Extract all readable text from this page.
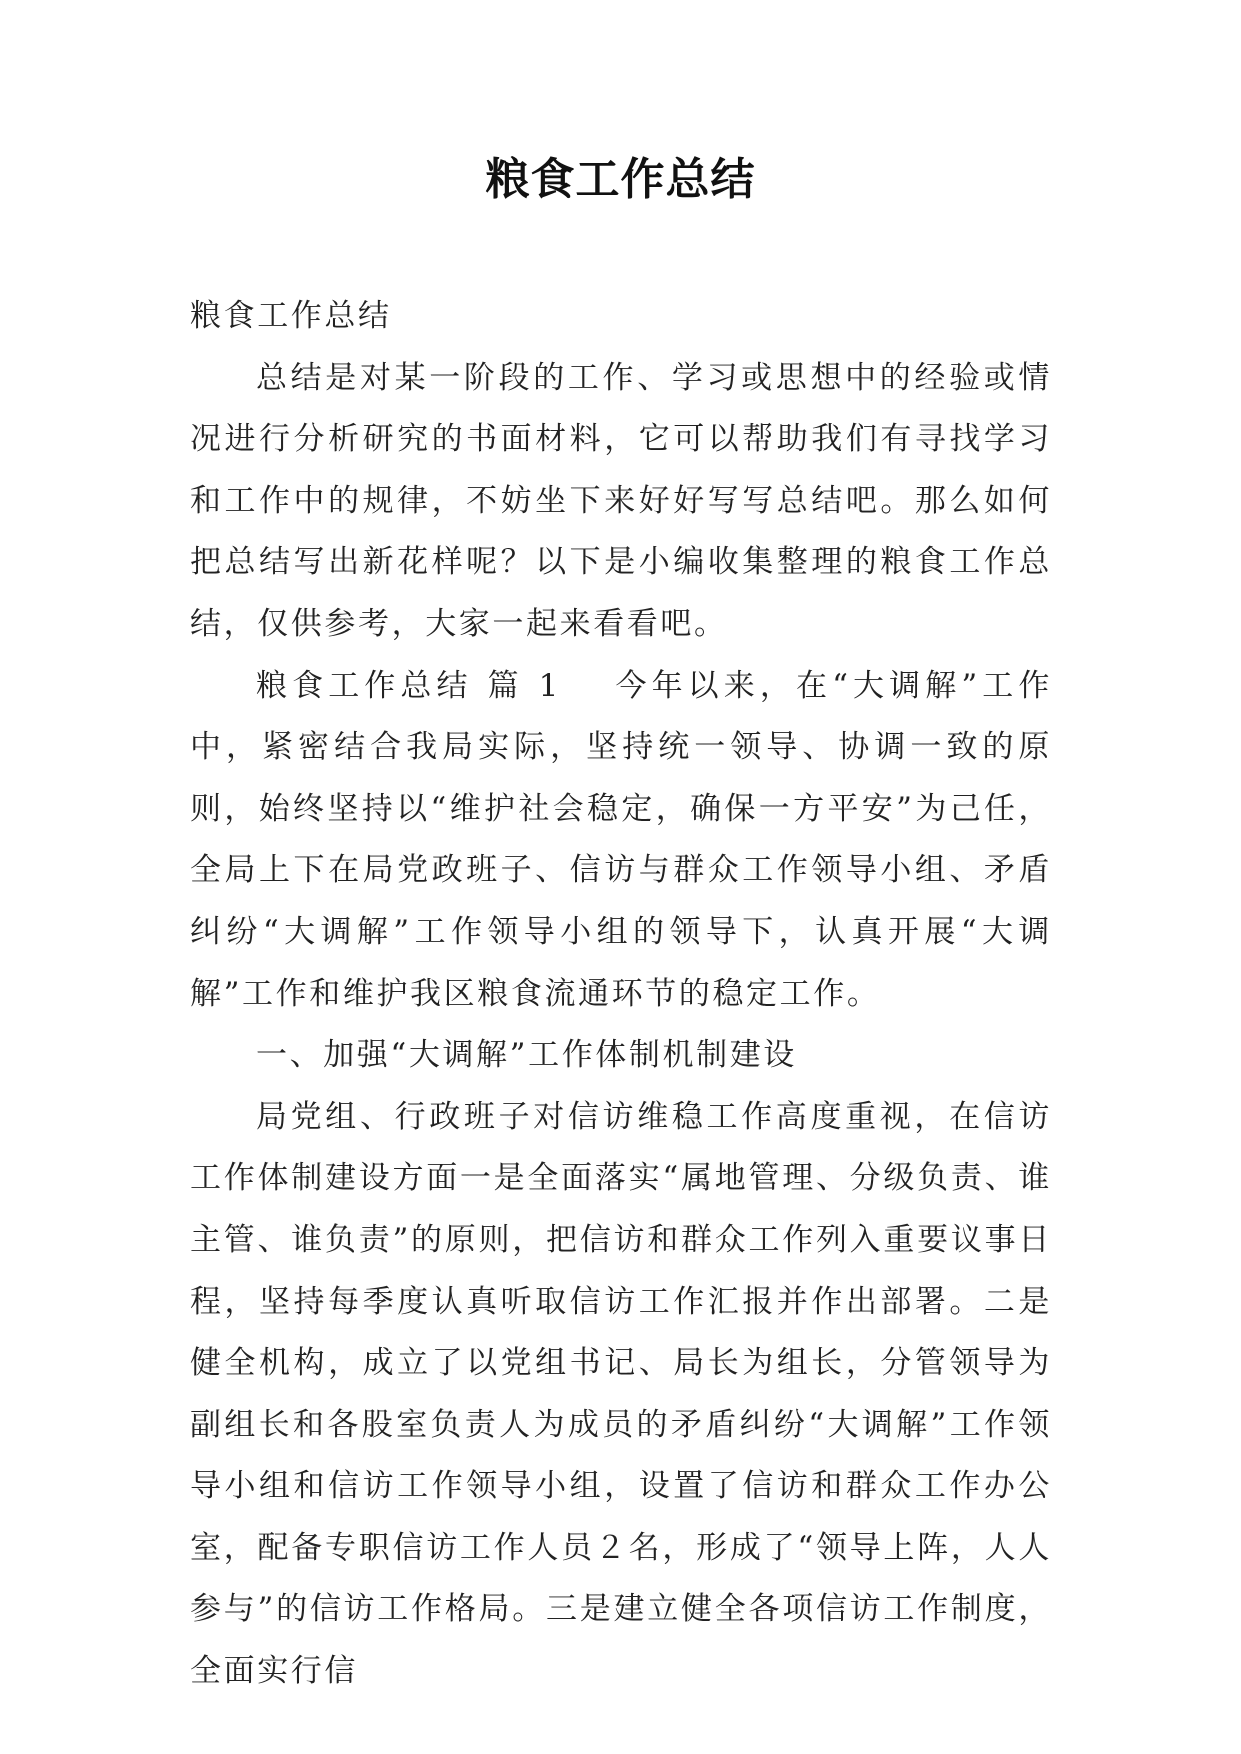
粮食工作总结

粮食工作总结

总结是对某一阶段的工作、学习或思想中的经验或情况进行分析研究的书面材料，它可以帮助我们有寻找学习和工作中的规律，不妨坐下来好好写写总结吧。那么如何把总结写出新花样呢？以下是小编收集整理的粮食工作总结，仅供参考，大家一起来看看吧。

粮食工作总结 篇 1 今年以来，在“大调解”工作中，紧密结合我局实际，坚持统一领导、协调一致的原则，始终坚持以“维护社会稳定，确保一方平安”为己任，全局上下在局党政班子、信访与群众工作领导小组、矛盾纠纷“大调解”工作领导小组的领导下，认真开展“大调解”工作和维护我区粮食流通环节的稳定工作。

一、加强“大调解”工作体制机制建设

局党组、行政班子对信访维稳工作高度重视，在信访工作体制建设方面一是全面落实“属地管理、分级负责、谁主管、谁负责”的原则，把信访和群众工作列入重要议事日程，坚持每季度认真听取信访工作汇报并作出部署。二是健全机构，成立了以党组书记、局长为组长，分管领导为副组长和各股室负责人为成员的矛盾纠纷“大调解”工作领导小组和信访工作领导小组，设置了信访和群众工作办公室，配备专职信访工作人员２名，形成了“领导上阵，人人参与”的信访工作格局。三是建立健全各项信访工作制度，全面实行信
